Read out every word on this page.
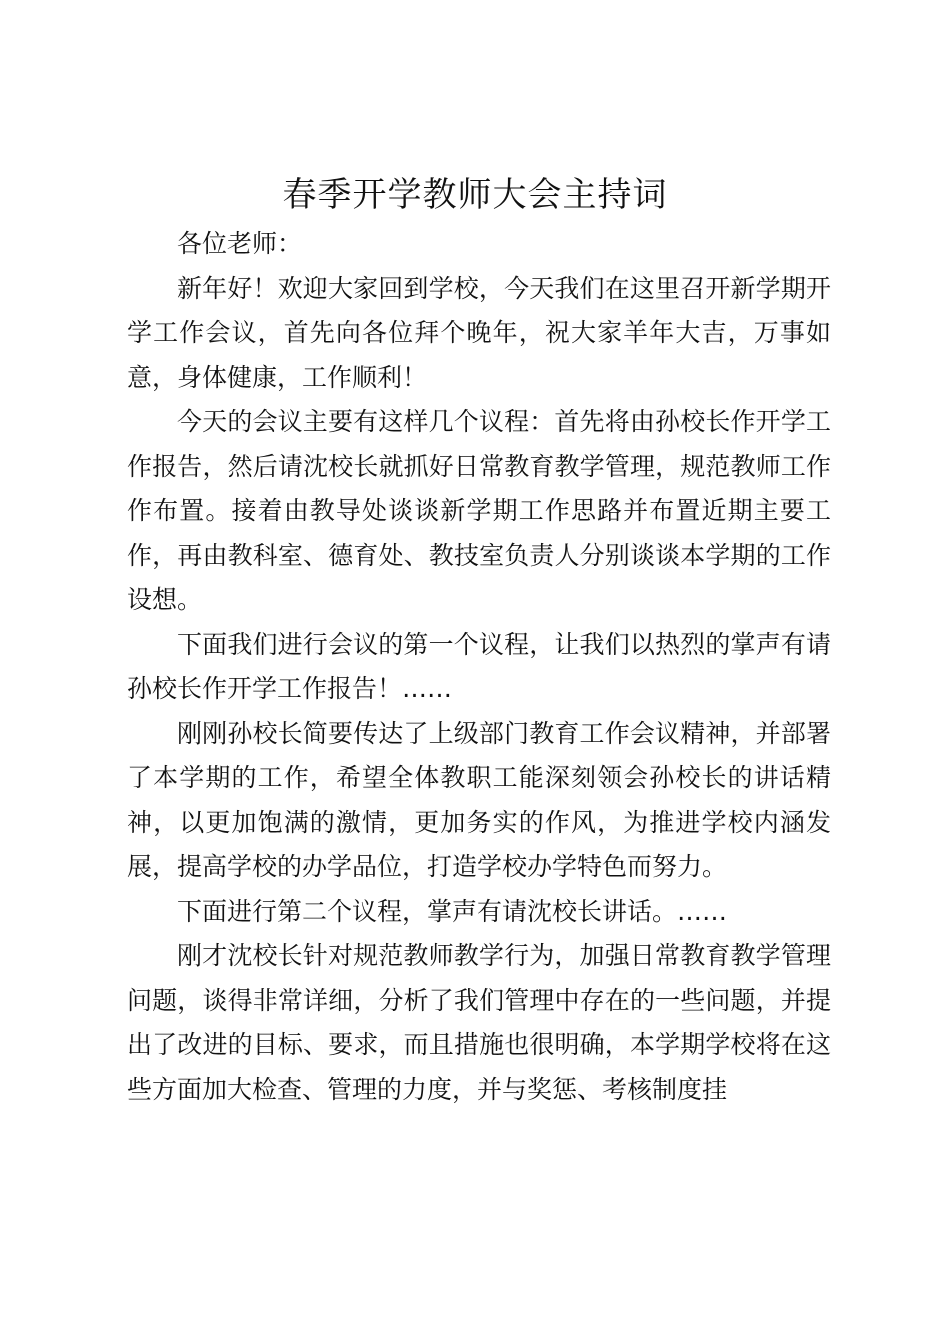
春季开学教师大会主持词

各位老师：

新年好！欢迎大家回到学校，今天我们在这里召开新学期开学工作会议，首先向各位拜个晚年，祝大家羊年大吉，万事如意，身体健康，工作顺利！

今天的会议主要有这样几个议程：首先将由孙校长作开学工作报告，然后请沈校长就抓好日常教育教学管理，规范教师工作作布置。接着由教导处谈谈新学期工作思路并布置近期主要工作，再由教科室、德育处、教技室负责人分别谈谈本学期的工作设想。

下面我们进行会议的第一个议程，让我们以热烈的掌声有请孙校长作开学工作报告！……

刚刚孙校长简要传达了上级部门教育工作会议精神，并部署了本学期的工作，希望全体教职工能深刻领会孙校长的讲话精神，以更加饱满的激情，更加务实的作风，为推进学校内涵发展，提高学校的办学品位，打造学校办学特色而努力。

下面进行第二个议程，掌声有请沈校长讲话。……

刚才沈校长针对规范教师教学行为，加强日常教育教学管理问题，谈得非常详细，分析了我们管理中存在的一些问题，并提出了改进的目标、要求，而且措施也很明确，本学期学校将在这些方面加大检查、管理的力度，并与奖惩、考核制度挂
